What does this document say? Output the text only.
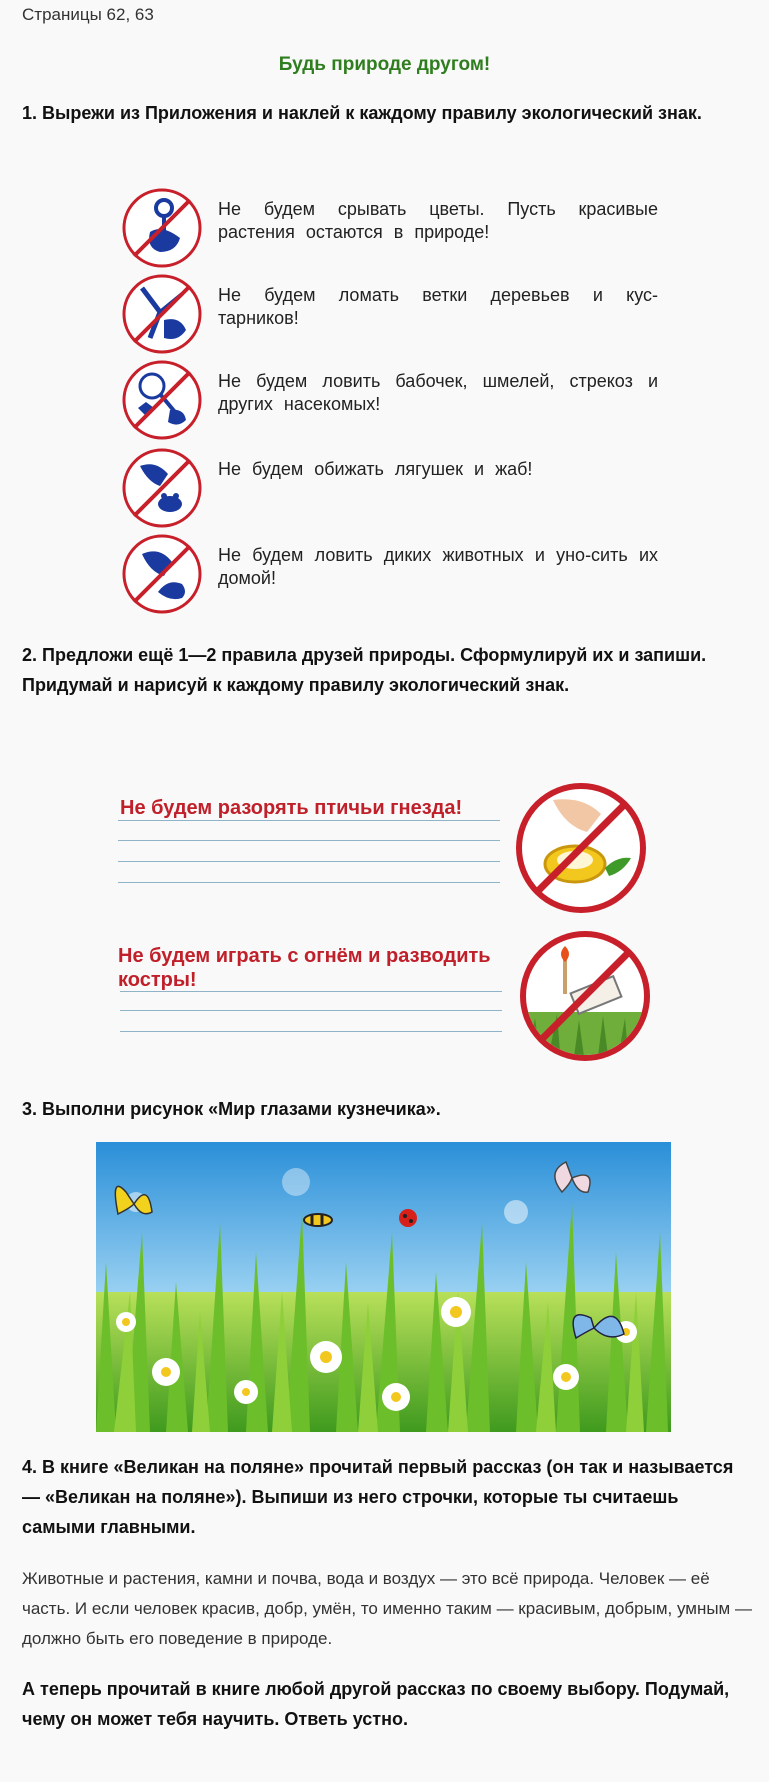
Страницы 62, 63
Будь природе другом!
1. Вырежи из Приложения и наклей к каждому правилу экологический знак.
Не будем срывать цветы. Пусть красивые растения остаются в природе!
Не будем ломать ветки деревьев и кус-тарников!
Не будем ловить бабочек, шмелей, стрекоз и других насекомых!
Не будем обижать лягушек и жаб!
Не будем ловить диких животных и уно-сить их домой!
2. Предложи ещё 1—2 правила друзей природы. Сформулируй их и запиши. Придумай и нарисуй к каждому правилу экологический знак.
Не будем разорять птичьи гнезда!
Не будем играть с огнём и разводить костры!
3. Выполни рисунок «Мир глазами кузнечика».
4. В книге «Великан на поляне» прочитай первый рассказ (он так и называется — «Великан на поляне»). Выпиши из него строчки, которые ты считаешь самыми главными.
Животные и растения, камни и почва, вода и воздух — это всё природа. Человек — её часть. И если человек красив, добр, умён, то именно таким — красивым, добрым, умным — должно быть его поведение в природе.
А теперь прочитай в книге любой другой рассказ по своему выбору. Подумай, чему он может тебя научить. Ответь устно.
